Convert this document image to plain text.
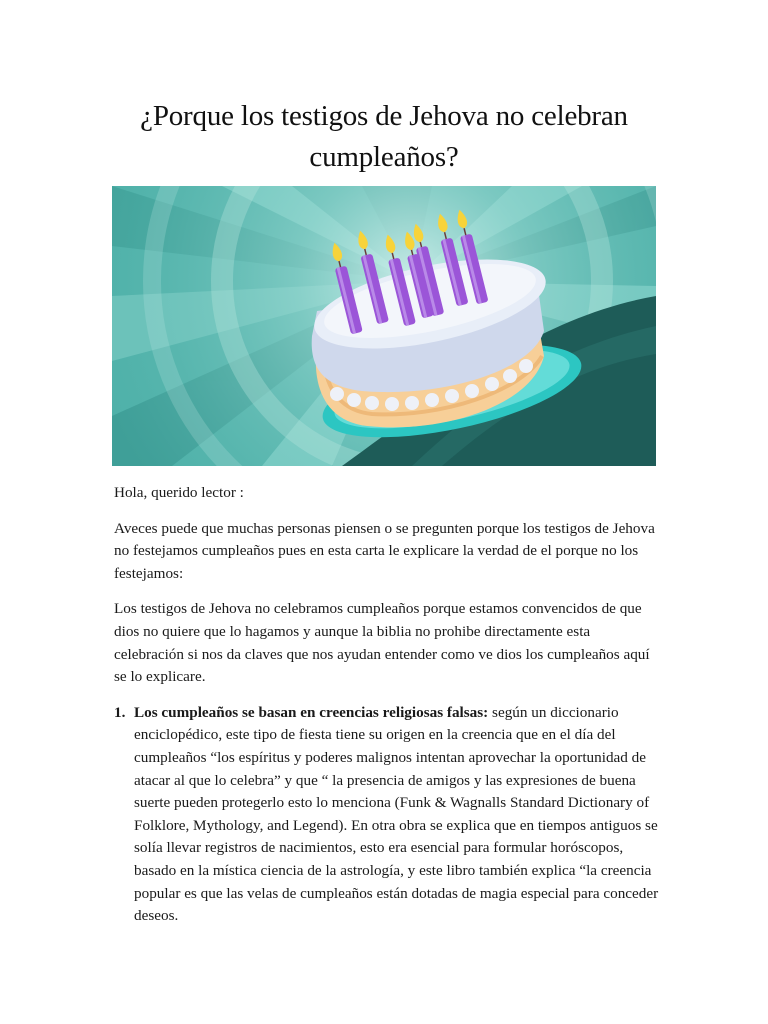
¿Porque los testigos de Jehova no celebran cumpleaños?

Hola, querido lector :

Aveces puede que muchas personas piensen o se pregunten porque los testigos de Jehova no festejamos cumpleaños pues en esta carta le explicare la verdad de el porque no los festejamos:

Los testigos de Jehova no celebramos cumpleaños porque estamos convencidos de que dios no quiere que lo hagamos y aunque la biblia no prohibe directamente esta celebración si nos da claves que nos ayudan entender como ve dios los cumpleaños aquí se lo explicare.

1. Los cumpleaños se basan en creencias religiosas falsas: según un diccionario enciclopédico, este tipo de fiesta tiene su origen en la creencia que en el día del cumpleaños “los espíritus y poderes malignos intentan aprovechar la oportunidad de atacar al que lo celebra” y que “ la presencia de amigos y las expresiones de buena suerte pueden protegerlo esto lo menciona (Funk & Wagnalls Standard Dictionary of Folklore, Mythology, and Legend). En otra obra se explica que en tiempos antiguos se solía llevar registros de nacimientos, esto era esencial para formular horóscopos, basado en la mística ciencia de la astrología, y este libro también explica “la creencia popular es que las velas de cumpleaños están dotadas de magia especial para conceder deseos.
